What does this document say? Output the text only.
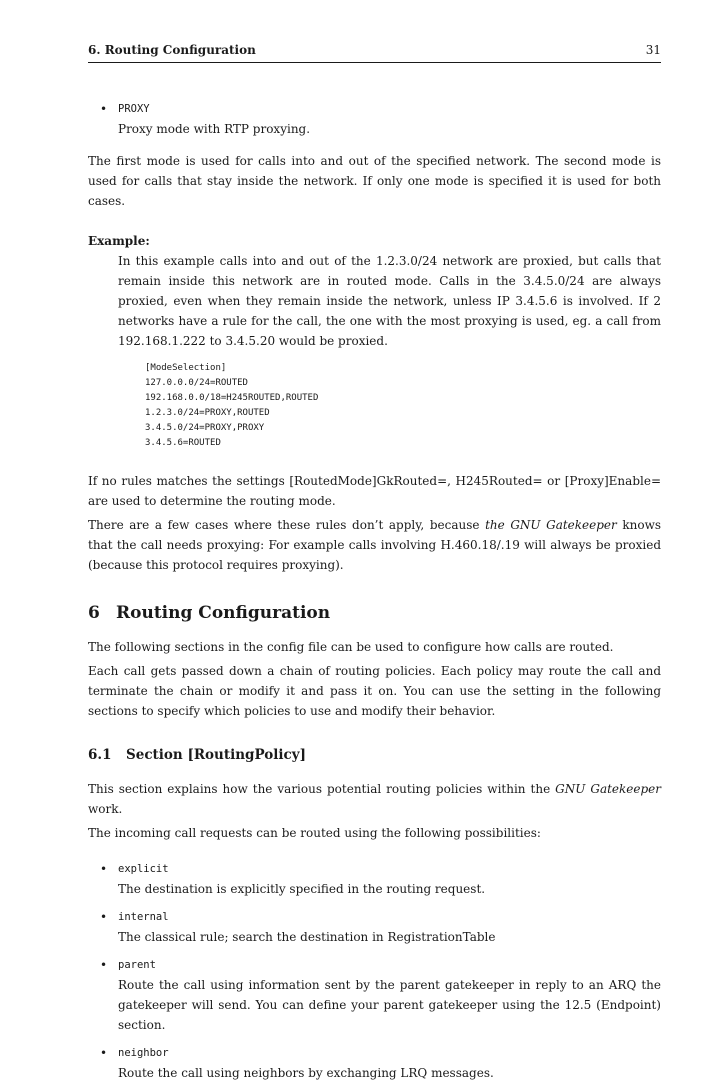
6. Routing Configuration	31
• PROXY
Proxy mode with RTP proxying.

The first mode is used for calls into and out of the specified network. The second mode is used for calls that stay inside the network. If only one mode is specified it is used for both cases.

Example:

In this example calls into and out of the 1.2.3.0/24 network are proxied, but calls that remain inside this network are in routed mode. Calls in the 3.4.5.0/24 are always proxied, even when they remain inside the network, unless IP 3.4.5.6 is involved. If 2 networks have a rule for the call, the one with the most proxying is used, eg. a call from 192.168.1.222 to 3.4.5.20 would be proxied.

[ModeSelection]
127.0.0.0/24=ROUTED
192.168.0.0/18=H245ROUTED,ROUTED
1.2.3.0/24=PROXY,ROUTED
3.4.5.0/24=PROXY,PROXY
3.4.5.6=ROUTED

If no rules matches the settings [RoutedMode]GkRouted=, H245Routed= or [Proxy]Enable= are used to determine the routing mode.

There are a few cases where these rules don’t apply, because the GNU Gatekeeper knows that the call needs proxying: For example calls involving H.460.18/.19 will always be proxied (because this protocol requires proxying).

6 Routing Configuration

The following sections in the config file can be used to configure how calls are routed.

Each call gets passed down a chain of routing policies. Each policy may route the call and terminate the chain or modify it and pass it on. You can use the setting in the following sections to specify which policies to use and modify their behavior.

6.1	Section [RoutingPolicy]

This section explains how the various potential routing policies within the GNU Gatekeeper work.

The incoming call requests can be routed using the following possibilities:

• explicit
The destination is explicitly specified in the routing request.
• internal
The classical rule; search the destination in RegistrationTable
• parent

Route the call using information sent by the parent gatekeeper in reply to an ARQ the gatekeeper will send. You can define your parent gatekeeper using the 12.5 (Endpoint) section.

• neighbor
Route the call using neighbors by exchanging LRQ messages.
